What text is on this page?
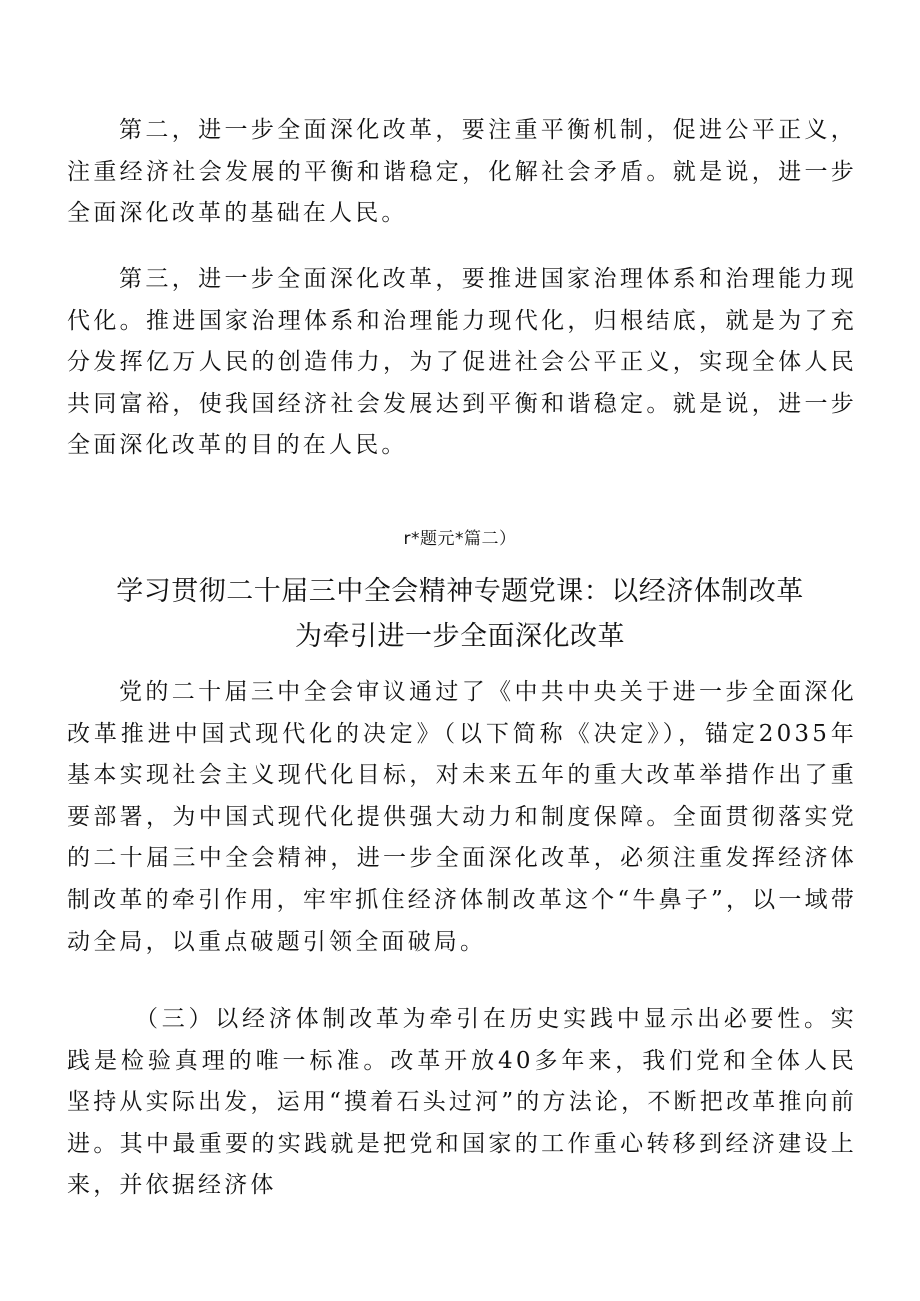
第二，进一步全面深化改革，要注重平衡机制，促进公平正义，注重经济社会发展的平衡和谐稳定，化解社会矛盾。就是说，进一步全面深化改革的基础在人民。

第三，进一步全面深化改革，要推进国家治理体系和治理能力现代化。推进国家治理体系和治理能力现代化，归根结底，就是为了充分发挥亿万人民的创造伟力，为了促进社会公平正义，实现全体人民共同富裕，使我国经济社会发展达到平衡和谐稳定。就是说，进一步全面深化改革的目的在人民。

r*题元*篇二）

学习贯彻二十届三中全会精神专题党课：以经济体制改革
为牵引进一步全面深化改革

党的二十届三中全会审议通过了《中共中央关于进一步全面深化改革推进中国式现代化的决定》（以下简称《决定》），锚定2035年基本实现社会主义现代化目标，对未来五年的重大改革举措作出了重要部署，为中国式现代化提供强大动力和制度保障。全面贯彻落实党的二十届三中全会精神，进一步全面深化改革，必须注重发挥经济体制改革的牵引作用，牢牢抓住经济体制改革这个“牛鼻子”，以一域带动全局，以重点破题引领全面破局。

（三）以经济体制改革为牵引在历史实践中显示出必要性。实践是检验真理的唯一标准。改革开放40多年来，我们党和全体人民坚持从实际出发，运用“摸着石头过河”的方法论，不断把改革推向前进。其中最重要的实践就是把党和国家的工作重心转移到经济建设上来，并依据经济体
